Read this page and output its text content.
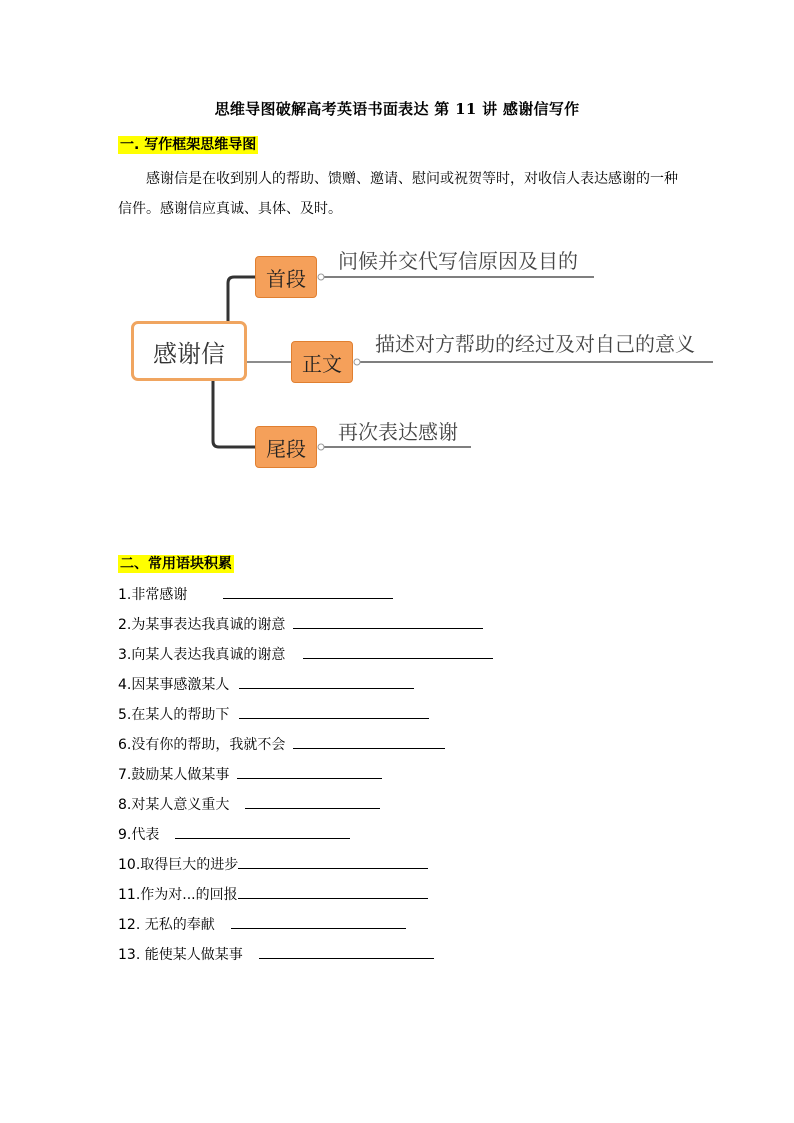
思维导图破解高考英语书面表达 第 11 讲 感谢信写作
一. 写作框架思维导图
感谢信是在收到别人的帮助、馈赠、邀请、慰问或祝贺等时，对收信人表达感谢的一种信件。感谢信应真诚、具体、及时。
感谢信
首段
正文
尾段
问候并交代写信原因及目的
描述对方帮助的经过及对自己的意义
再次表达感谢
二、常用语块积累
1.非常感谢
2.为某事表达我真诚的谢意
3.向某人表达我真诚的谢意
4.因某事感激某人
5.在某人的帮助下
6.没有你的帮助，我就不会
7.鼓励某人做某事
8.对某人意义重大
9.代表
10.取得巨大的进步
11.作为对...的回报
12. 无私的奉献
13. 能使某人做某事
